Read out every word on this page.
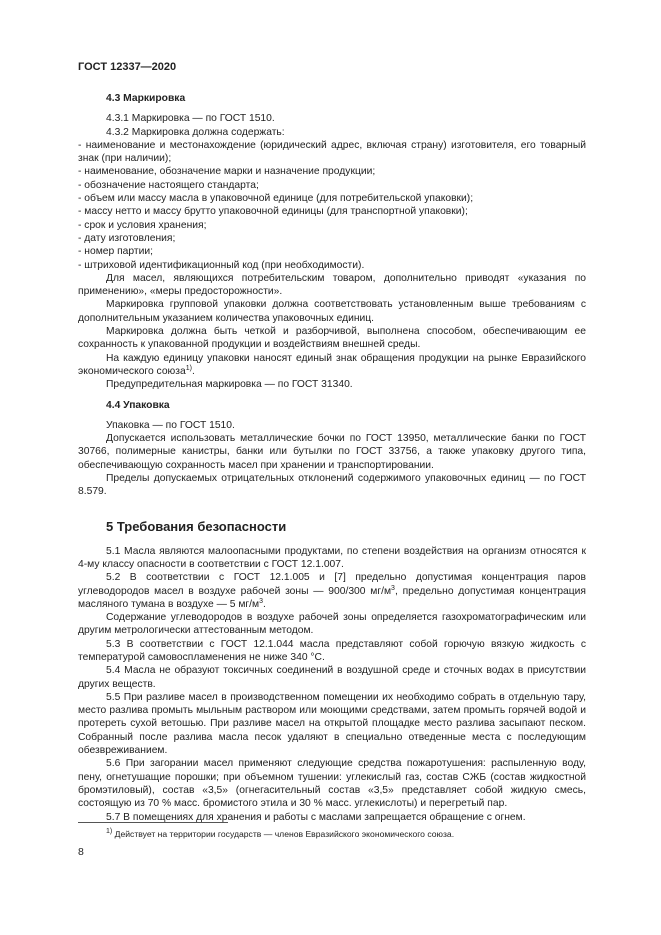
ГОСТ 12337—2020
4.3 Маркировка

4.3.1 Маркировка — по ГОСТ 1510.

4.3.2 Маркировка должна содержать:

- наименование и местонахождение (юридический адрес, включая страну) изготовителя, его товарный знак (при наличии);

- наименование, обозначение марки и назначение продукции;

- обозначение настоящего стандарта;

- объем или массу масла в упаковочной единице (для потребительской упаковки);

- массу нетто и массу брутто упаковочной единицы (для транспортной упаковки);

- срок и условия хранения;

- дату изготовления;

- номер партии;

- штриховой идентификационный код (при необходимости).

Для масел, являющихся потребительским товаром, дополнительно приводят «указания по применению», «меры предосторожности».

Маркировка групповой упаковки должна соответствовать установленным выше требованиям с дополнительным указанием количества упаковочных единиц.

Маркировка должна быть четкой и разборчивой, выполнена способом, обеспечивающим ее сохранность к упакованной продукции и воздействиям внешней среды.

На каждую единицу упаковки наносят единый знак обращения продукции на рынке Евразийского экономического союза$^{1)}$.

Предупредительная маркировка — по ГОСТ 31340.

4.4 Упаковка

Упаковка — по ГОСТ 1510.

Допускается использовать металлические бочки по ГОСТ 13950, металлические банки по ГОСТ 30766, полимерные канистры, банки или бутылки по ГОСТ 33756, а также упаковку другого типа, обеспечивающую сохранность масел при хранении и транспортировании.

Пределы допускаемых отрицательных отклонений содержимого упаковочных единиц — по ГОСТ 8.579.

5 Требования безопасности

5.1 Масла являются малоопасными продуктами, по степени воздействия на организм относятся к 4-му классу опасности в соответствии с ГОСТ 12.1.007.

5.2 В соответствии с ГОСТ 12.1.005 и [7] предельно допустимая концентрация паров углеводородов масел в воздухе рабочей зоны — 900/300 $мг/м^3$, предельно допустимая концентрация масляного тумана в воздухе — 5 $мг/м^3$.

Содержание углеводородов в воздухе рабочей зоны определяется газохроматографическим или другим метрологически аттестованным методом.

5.3 В соответствии с ГОСТ 12.1.044 масла представляют собой горючую вязкую жидкость с температурой самовоспламенения не ниже 340 °С.

5.4 Масла не образуют токсичных соединений в воздушной среде и сточных водах в присутствии других веществ.

5.5 При разливе масел в производственном помещении их необходимо собрать в отдельную тару, место разлива промыть мыльным раствором или моющими средствами, затем промыть горячей водой и протереть сухой ветошью. При разливе масел на открытой площадке место разлива засыпают песком. Собранный после разлива масла песок удаляют в специально отведенные места с последующим обезвреживанием.

5.6 При загорании масел применяют следующие средства пожаротушения: распыленную воду, пену, огнетушащие порошки; при объемном тушении: углекислый газ, состав СЖБ (состав жидкостной бромэтиловый), состав «3,5» (огнегасительный состав «3,5» представляет собой жидкую смесь, состоящую из 70 % масс. бромистого этила и 30 % масс. углекислоты) и перегретый пар.

5.7 В помещениях для хранения и работы с маслами запрещается обращение с огнем.

$^{1)}$ Действует на территории государств — членов Евразийского экономического союза.
8
